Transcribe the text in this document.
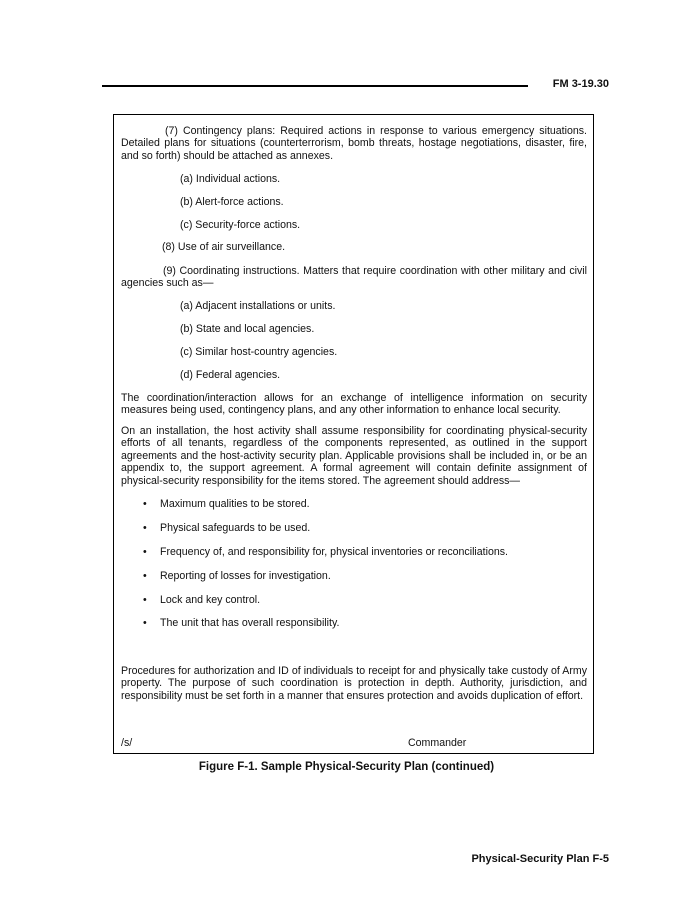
FM 3-19.30

(7) Contingency plans: Required actions in response to various emergency situations. Detailed plans for situations (counterterrorism, bomb threats, hostage negotiations, disaster, fire, and so forth) should be attached as annexes.

(a) Individual actions.
(b) Alert-force actions.
(c) Security-force actions.
(8) Use of air surveillance.

(9) Coordinating instructions. Matters that require coordination with other military and civil agencies such as—

(a) Adjacent installations or units.
(b) State and local agencies.
(c) Similar host-country agencies.
(d) Federal agencies.

The coordination/interaction allows for an exchange of intelligence information on security measures being used, contingency plans, and any other information to enhance local security.

On an installation, the host activity shall assume responsibility for coordinating physical-security efforts of all tenants, regardless of the components represented, as outlined in the support agreements and the host-activity security plan. Applicable provisions shall be included in, or be an appendix to, the support agreement. A formal agreement will contain definite assignment of physical-security responsibility for the items stored. The agreement should address—

• Maximum qualities to be stored.
• Physical safeguards to be used.
• Frequency of, and responsibility for, physical inventories or reconciliations.
• Reporting of losses for investigation.
• Lock and key control.
• The unit that has overall responsibility.

Procedures for authorization and ID of individuals to receipt for and physically take custody of Army property. The purpose of such coordination is protection in depth. Authority, jurisdiction, and responsibility must be set forth in a manner that ensures protection and avoids duplication of effort.

/s/	Commander
Figure F-1. Sample Physical-Security Plan (continued)
Physical-Security Plan F-5
